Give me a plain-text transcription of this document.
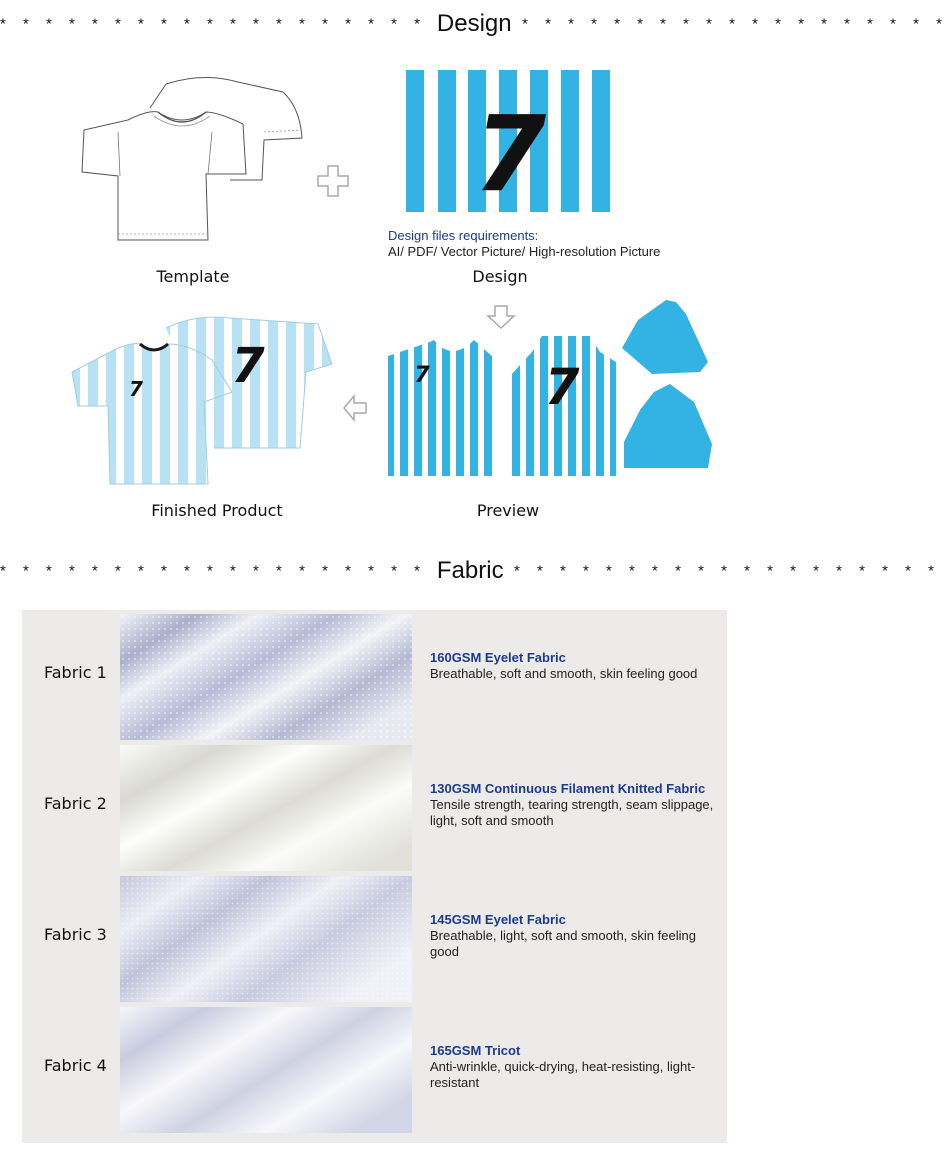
* * * * * * * * * * * * * * * * * * * Design * * * * * * * * * * * * * * * * * * *
Template
7
Design files requirements:
AI/ PDF/ Vector Picture/ High-resolution Picture
Design
7
7
Finished Product
7 7
Preview
* * * * * * * * * * * * * * * * * * * Fabric * * * * * * * * * * * * * * * * * * *
Fabric 1
160GSM Eyelet Fabric
Breathable, soft and smooth, skin feeling good
Fabric 2
130GSM Continuous Filament Knitted Fabric
Tensile strength, tearing strength, seam slippage, light, soft and smooth
Fabric 3
145GSM Eyelet Fabric
Breathable, light, soft and smooth, skin feeling good
Fabric 4
165GSM Tricot
Anti-wrinkle, quick-drying, heat-resisting, light-resistant
